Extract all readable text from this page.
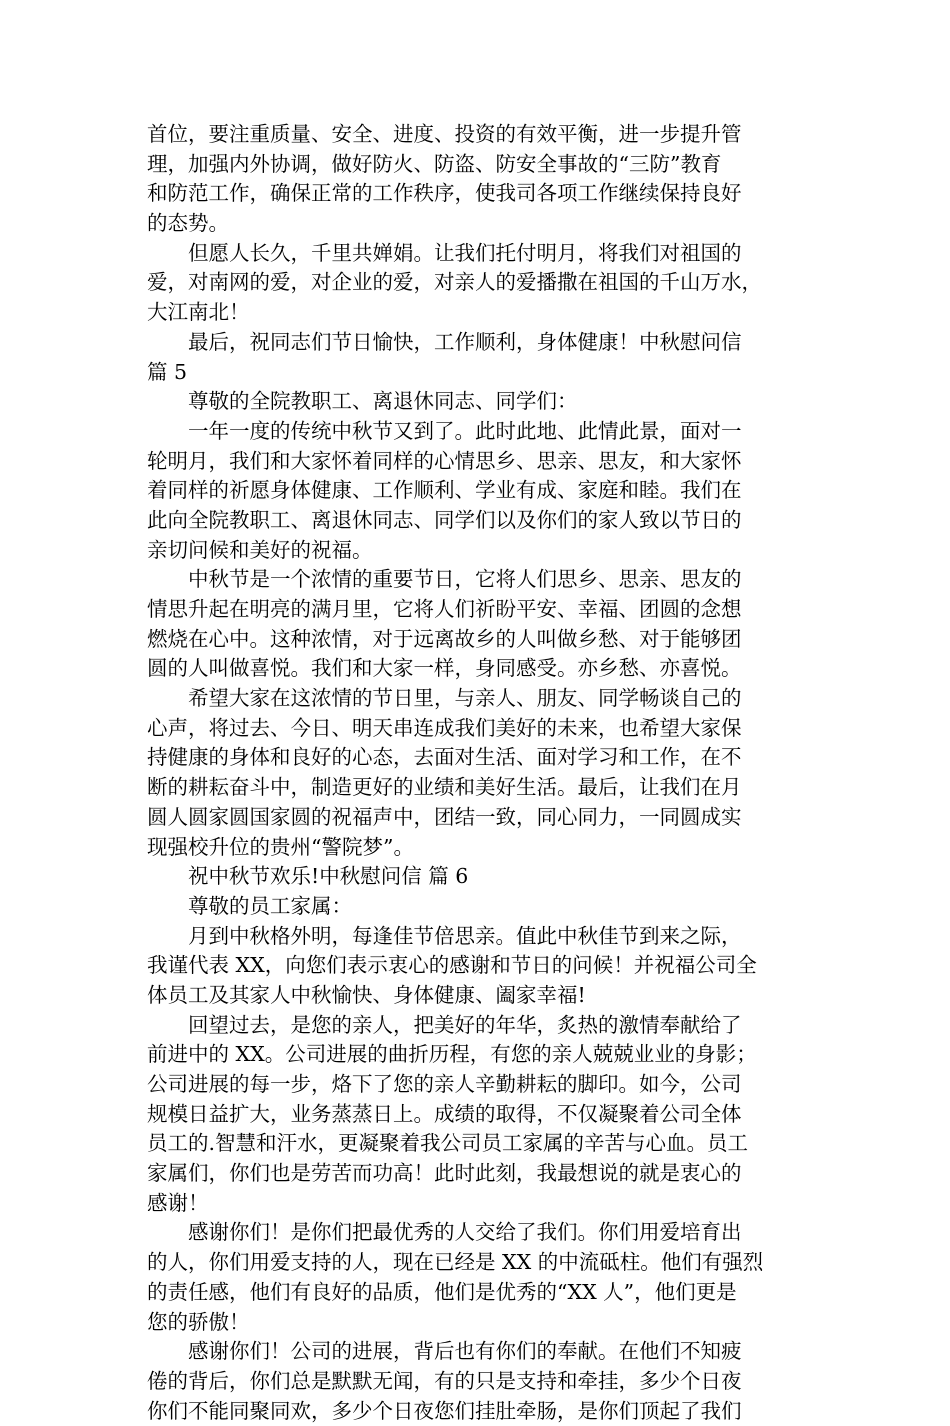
首位，要注重质量、安全、进度、投资的有效平衡，进一步提升管
理，加强内外协调，做好防火、防盗、防安全事故的“三防”教育
和防范工作，确保正常的工作秩序，使我司各项工作继续保持良好
的态势。
　　但愿人长久，千里共婵娟。让我们托付明月，将我们对祖国的
爱，对南网的爱，对企业的爱，对亲人的爱播撒在祖国的千山万水，
大江南北！
　　最后，祝同志们节日愉快，工作顺利，身体健康！中秋慰问信
篇 5
　　尊敬的全院教职工、离退休同志、同学们：
　　一年一度的传统中秋节又到了。此时此地、此情此景，面对一
轮明月，我们和大家怀着同样的心情思乡、思亲、思友，和大家怀
着同样的祈愿身体健康、工作顺利、学业有成、家庭和睦。我们在
此向全院教职工、离退休同志、同学们以及你们的家人致以节日的
亲切问候和美好的祝福。
　　中秋节是一个浓情的重要节日，它将人们思乡、思亲、思友的
情思升起在明亮的满月里，它将人们祈盼平安、幸福、团圆的念想
燃烧在心中。这种浓情，对于远离故乡的人叫做乡愁、对于能够团
圆的人叫做喜悦。我们和大家一样，身同感受。亦乡愁、亦喜悦。
　　希望大家在这浓情的节日里，与亲人、朋友、同学畅谈自己的
心声，将过去、今日、明天串连成我们美好的未来，也希望大家保
持健康的身体和良好的心态，去面对生活、面对学习和工作，在不
断的耕耘奋斗中，制造更好的业绩和美好生活。最后，让我们在月
圆人圆家圆国家圆的祝福声中，团结一致，同心同力，一同圆成实
现强校升位的贵州“警院梦”。
　　祝中秋节欢乐!中秋慰问信 篇 6
　　尊敬的员工家属：
　　月到中秋格外明，每逢佳节倍思亲。值此中秋佳节到来之际，
我谨代表 XX，向您们表示衷心的感谢和节日的问候！并祝福公司全
体员工及其家人中秋愉快、身体健康、阖家幸福!
　　回望过去，是您的亲人，把美好的年华，炙热的激情奉献给了
前进中的 XX。公司进展的曲折历程，有您的亲人兢兢业业的身影；
公司进展的每一步，烙下了您的亲人辛勤耕耘的脚印。如今，公司
规模日益扩大，业务蒸蒸日上。成绩的取得，不仅凝聚着公司全体
员工的.智慧和汗水，更凝聚着我公司员工家属的辛苦与心血。员工
家属们，你们也是劳苦而功高！此时此刻，我最想说的就是衷心的
感谢！
　　感谢你们！是你们把最优秀的人交给了我们。你们用爱培育出
的人，你们用爱支持的人，现在已经是 XX 的中流砥柱。他们有强烈
的责任感，他们有良好的品质，他们是优秀的“XX 人”，他们更是
您的骄傲！
　　感谢你们！公司的进展，背后也有你们的奉献。在他们不知疲
倦的背后，你们总是默默无闻，有的只是支持和牵挂，多少个日夜
你们不能同聚同欢，多少个日夜您们挂肚牵肠，是你们顶起了我们
